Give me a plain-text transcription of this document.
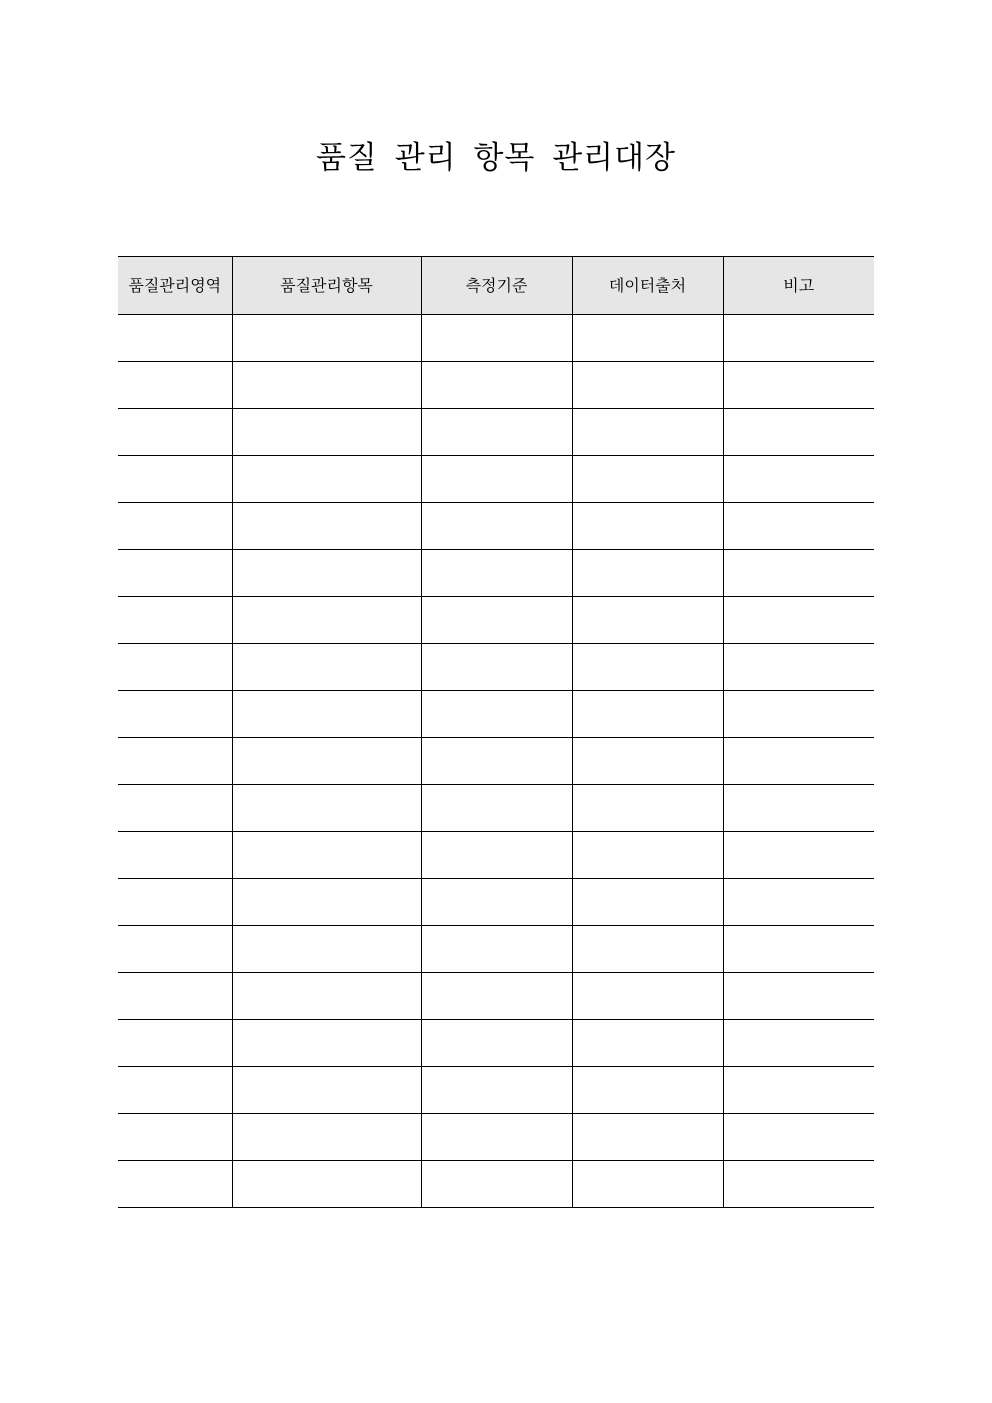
품질 관리 항목 관리대장
품질관리영역	품질관리항목	측정기준	데이터출처	비고
